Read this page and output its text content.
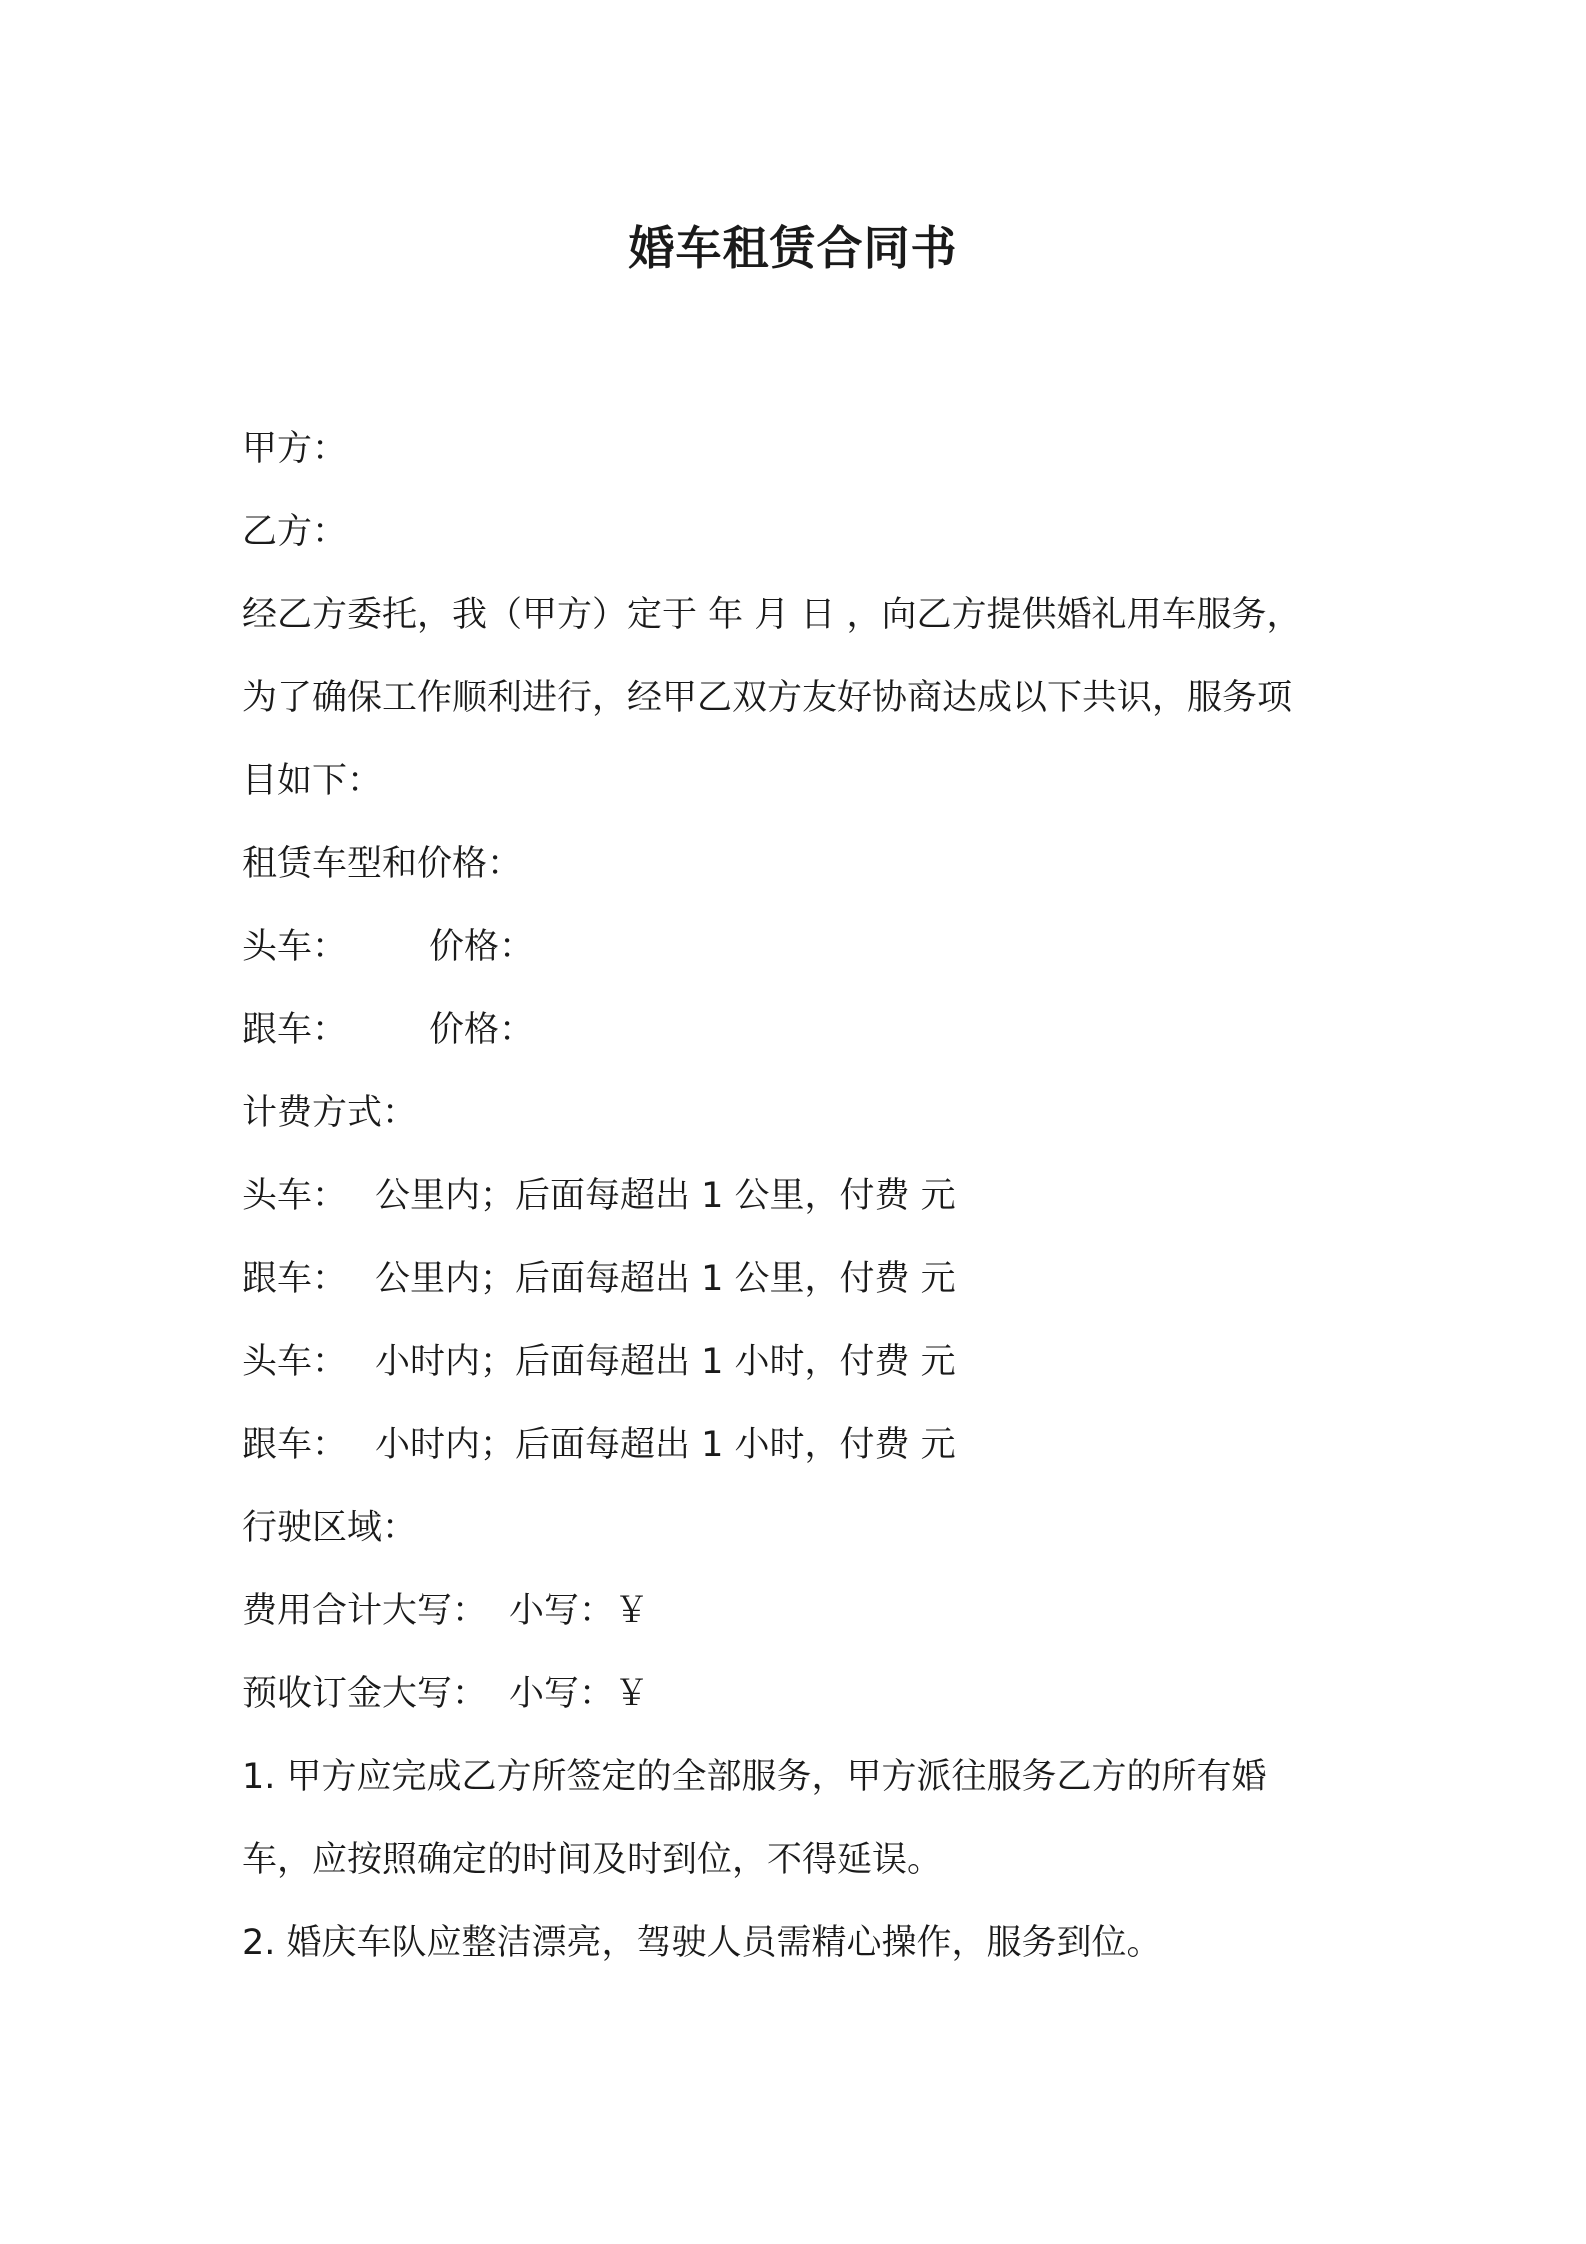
婚车租赁合同书
甲方：
乙方：
经乙方委托，我（甲方）定于 年 月 日 ，向乙方提供婚礼用车服务，
为了确保工作顺利进行，经甲乙双方友好协商达成以下共识，服务项
目如下：
租赁车型和价格：
头车： 价格：
跟车： 价格：
计费方式：
头车： 公里内；后面每超出 1 公里，付费 元
跟车： 公里内；后面每超出 1 公里，付费 元
头车： 小时内；后面每超出 1 小时，付费 元
跟车： 小时内；后面每超出 1 小时，付费 元
行驶区域：
费用合计大写： 小写：￥
预收订金大写： 小写：￥
1. 甲方应完成乙方所签定的全部服务，甲方派往服务乙方的所有婚
车，应按照确定的时间及时到位，不得延误。
2. 婚庆车队应整洁漂亮，驾驶人员需精心操作，服务到位。
